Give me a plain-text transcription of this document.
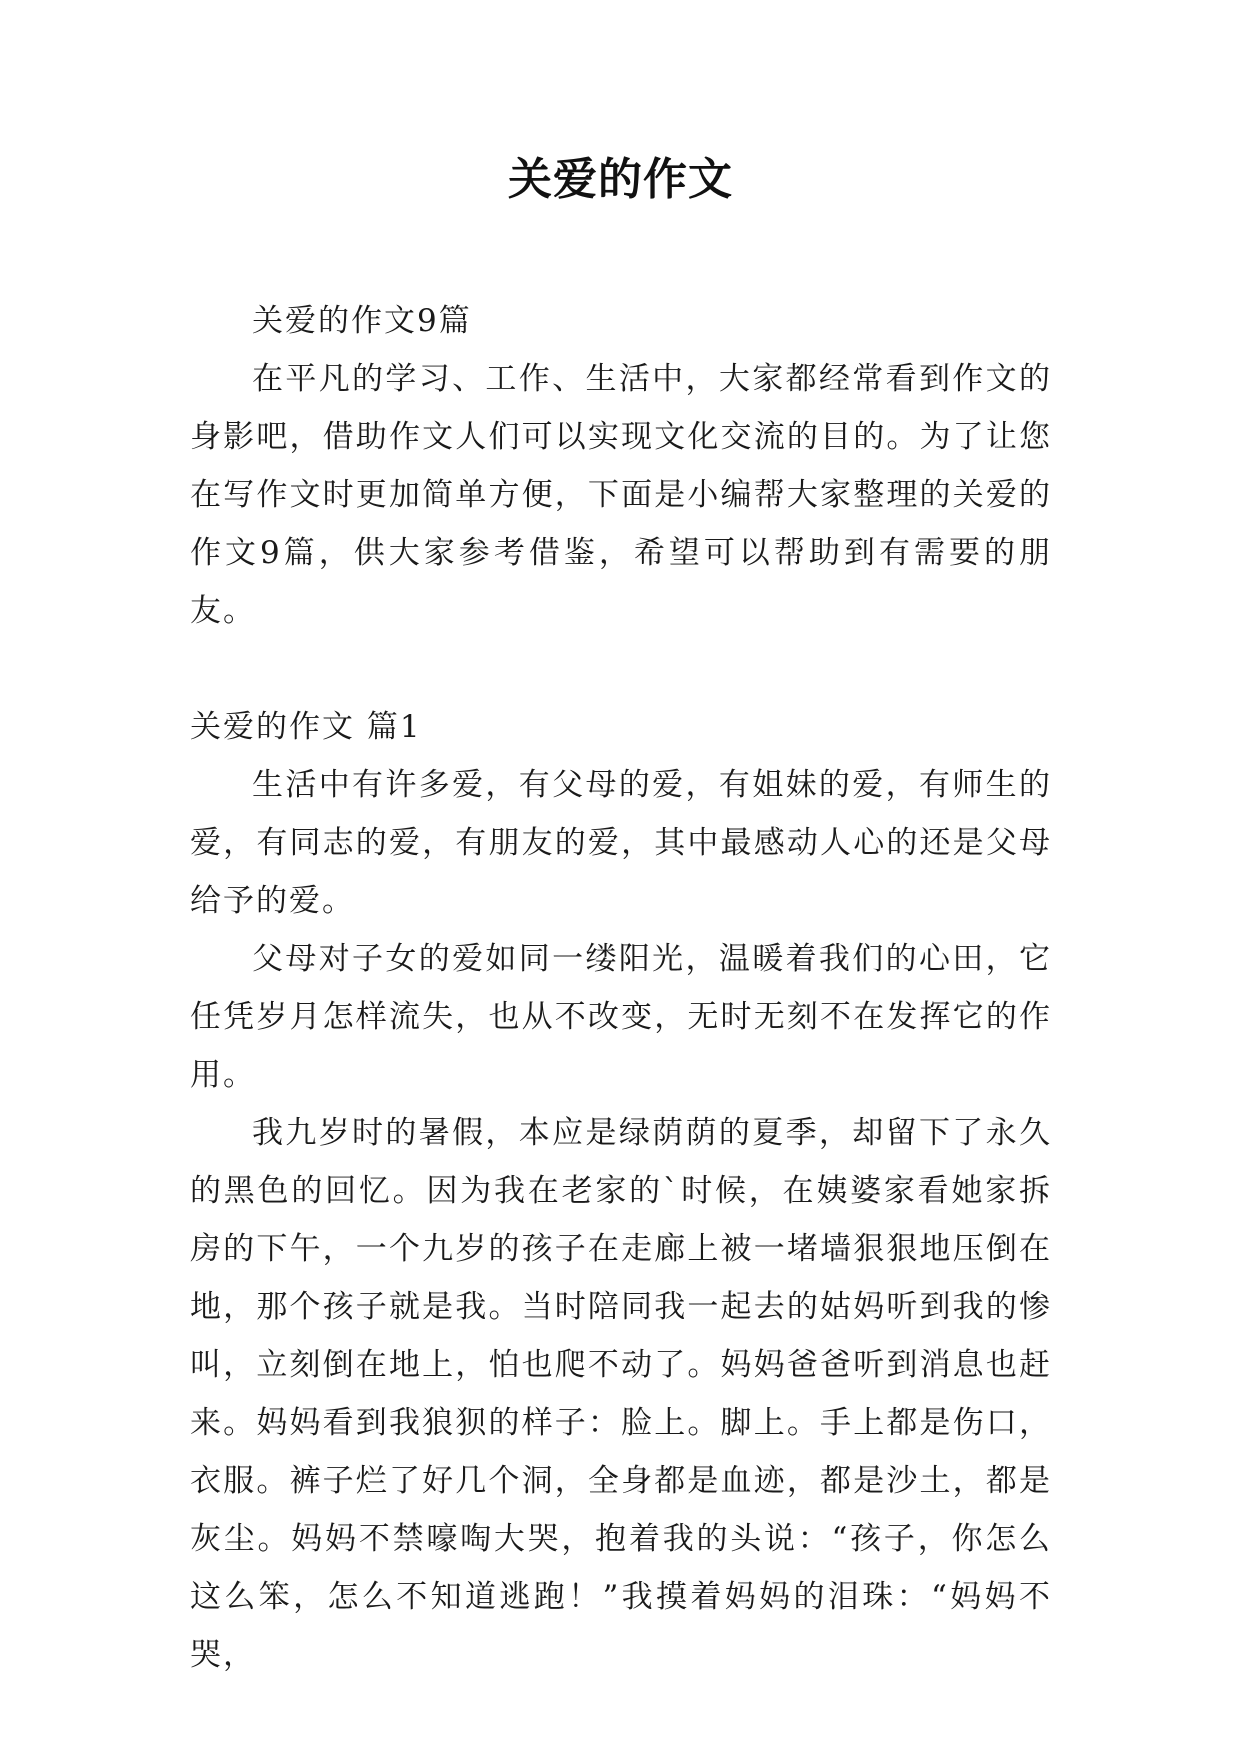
关爱的作文

关爱的作文9篇

在平凡的学习、工作、生活中，大家都经常看到作文的身影吧，借助作文人们可以实现文化交流的目的。为了让您在写作文时更加简单方便，下面是小编帮大家整理的关爱的作文9篇，供大家参考借鉴，希望可以帮助到有需要的朋友。

关爱的作文 篇1

生活中有许多爱，有父母的爱，有姐妹的爱，有师生的爱，有同志的爱，有朋友的爱，其中最感动人心的还是父母给予的爱。

父母对子女的爱如同一缕阳光，温暖着我们的心田，它任凭岁月怎样流失，也从不改变，无时无刻不在发挥它的作用。

我九岁时的暑假，本应是绿荫荫的夏季，却留下了永久的黑色的回忆。因为我在老家的`时候，在姨婆家看她家拆房的下午，一个九岁的孩子在走廊上被一堵墙狠狠地压倒在地，那个孩子就是我。当时陪同我一起去的姑妈听到我的惨叫，立刻倒在地上，怕也爬不动了。妈妈爸爸听到消息也赶来。妈妈看到我狼狈的样子：脸上。脚上。手上都是伤口，衣服。裤子烂了好几个洞，全身都是血迹，都是沙土，都是灰尘。妈妈不禁嚎啕大哭，抱着我的头说：“孩子，你怎么这么笨，怎么不知道逃跑！”我摸着妈妈的泪珠：“妈妈不哭，
